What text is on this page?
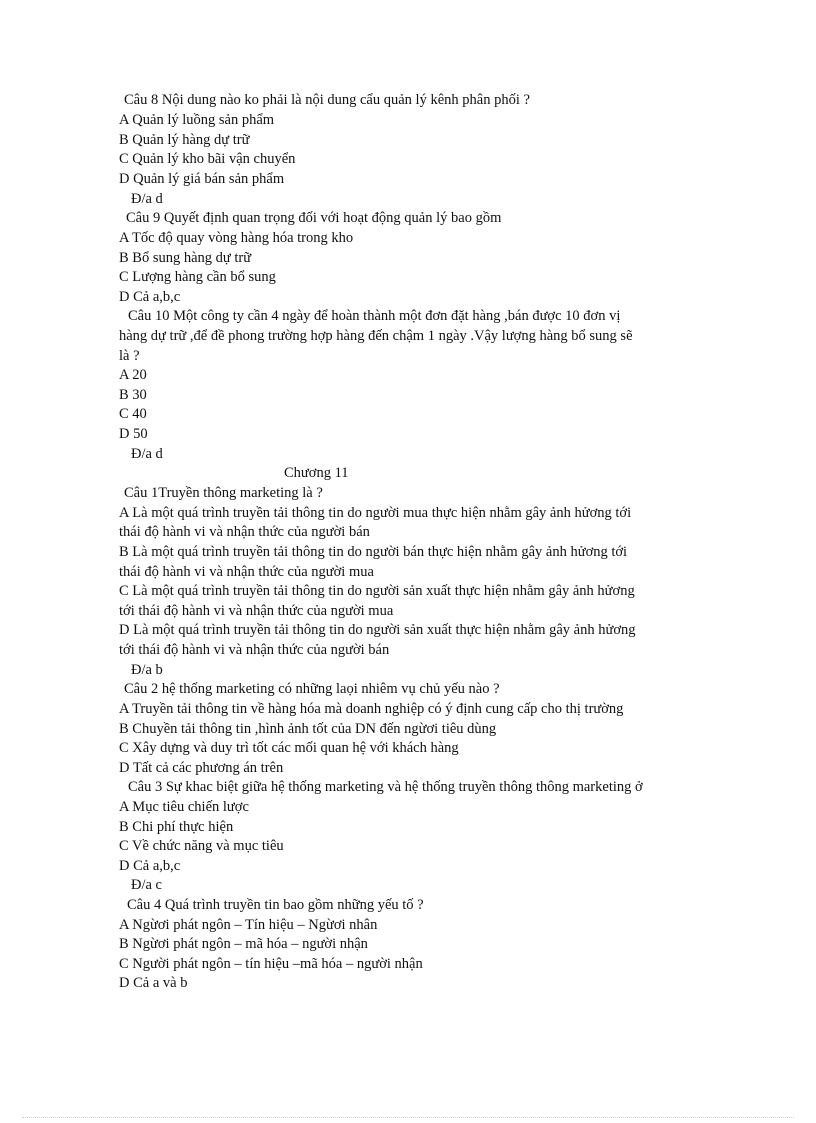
Câu 8 Nội dung nào ko phải là nội dung cẩu quản lý kênh phân phối ?
A Quản lý luồng sản phẩm
B Quản lý hàng dự trữ
C Quản lý kho bãi vận chuyển
D Quản lý giá bán sản phẩm
Đ/a d
Câu 9 Quyết định quan trọng đối với hoạt động quản lý bao gồm
A Tốc độ quay vòng hàng hóa trong kho
B Bổ sung hàng dự trữ
C Lượng hàng cần bổ sung
D Cả a,b,c
Câu 10 Một công ty cần 4 ngày để hoàn thành một đơn đặt hàng ,bán được 10 đơn vị
hàng dự trữ ,để đề phong trường hợp hàng đến chậm 1 ngày .Vậy lượng hàng bổ sung sẽ
là ?
A 20
B 30
C 40
D 50
Đ/a d
Chương 11
Câu 1Truyền thông marketing là ?
A Là một quá trình truyền tải thông tin do người mua thực hiện nhằm gây ảnh hửơng tới
thái độ hành vi và nhận thức của người bán
B Là một quá trình truyền tải thông tin do người bán thực hiện nhằm gây ảnh hửơng tới
thái độ hành vi và nhận thức của người mua
C Là một quá trình truyền tải thông tin do người sản xuất thực hiện nhằm gây ảnh hửơng
tới thái độ hành vi và nhận thức của người mua
D Là một quá trình truyền tải thông tin do người sản xuất thực hiện nhằm gây ảnh hửơng
tới thái độ hành vi và nhận thức của người bán
Đ/a b
Câu 2 hệ thống marketing có những laọi nhiêm vụ chủ yếu nào ?
A Truyền tải thông tin về hàng hóa mà doanh nghiệp có ý định cung cấp cho thị trường
B Chuyền tải thông tin ,hình ảnh tốt của DN đến ngừơi tiêu dùng
C Xây dựng và duy trì tốt các mối quan hệ với khách hàng
D Tất cả các phương án trên
Câu 3 Sự khac biệt giữa hệ thống marketing và hệ thống truyền thông thông marketing ở
A Mục tiêu chiến lược
B Chi phí thực hiện
C Về chức năng và mục tiêu
D Cả a,b,c
Đ/a c
Câu 4 Quá trình truyền tin bao gồm những yếu tố ?
A Ngừơi phát ngôn – Tín hiệu – Ngừơi nhân
B Ngừơi phát ngôn – mã hóa – người nhận
C Người phát ngôn – tín hiệu –mã hóa – người nhận
D Cả a và b
